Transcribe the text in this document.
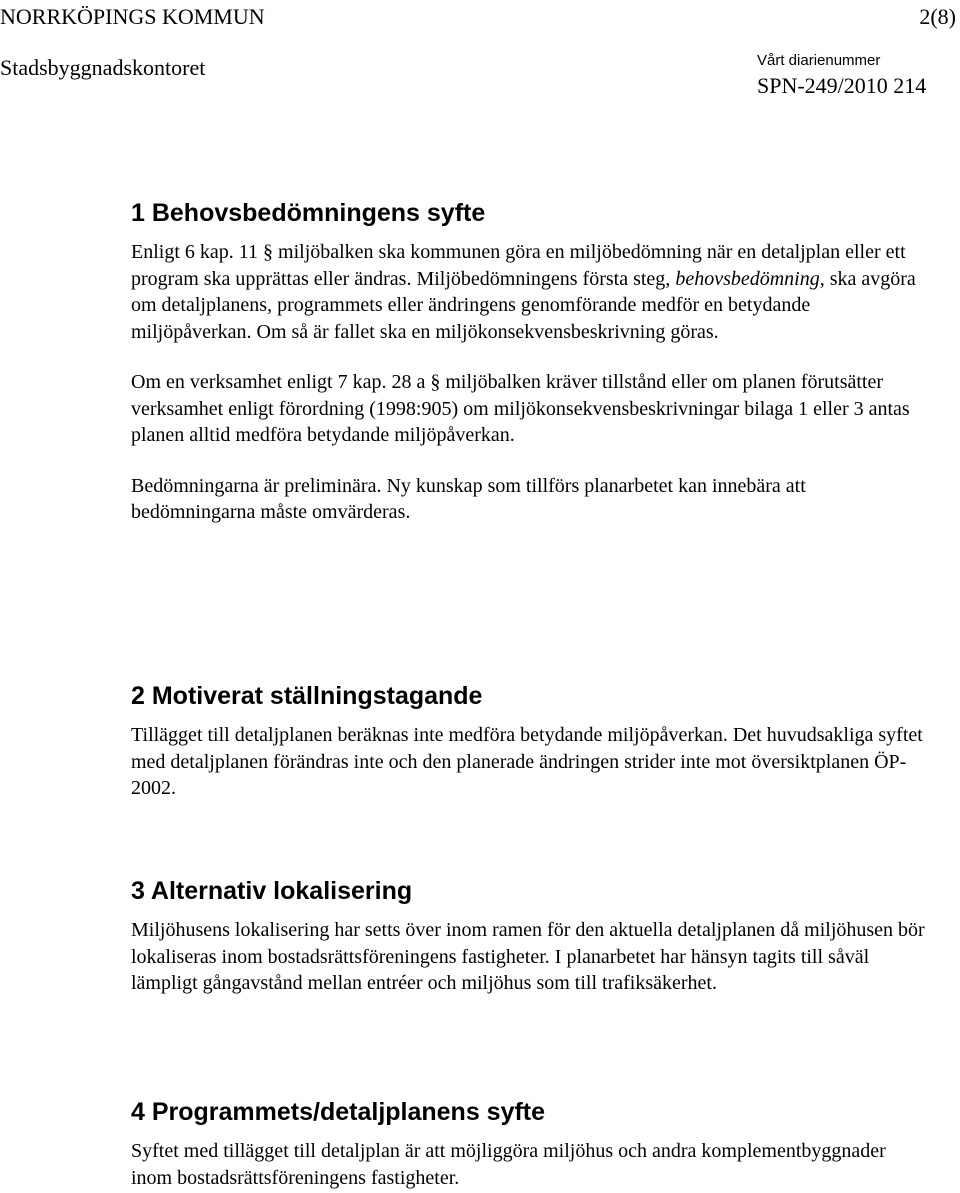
NORRKÖPINGS KOMMUN	2(8)
Stadsbyggnadskontoret	Vårt diarienummer
SPN-249/2010 214
1 Behovsbedömningens syfte

Enligt 6 kap. 11 § miljöbalken ska kommunen göra en miljöbedömning när en detaljplan eller ett program ska upprättas eller ändras. Miljöbedömningens första steg, behovsbedömning, ska avgöra om detaljplanens, programmets eller ändringens genomförande medför en betydande miljöpåverkan. Om så är fallet ska en miljökonsekvensbeskrivning göras.

Om en verksamhet enligt 7 kap. 28 a § miljöbalken kräver tillstånd eller om planen förutsätter verksamhet enligt förordning (1998:905) om miljökonsekvensbeskrivningar bilaga 1 eller 3 antas planen alltid medföra betydande miljöpåverkan.

Bedömningarna är preliminära. Ny kunskap som tillförs planarbetet kan innebära att bedömningarna måste omvärderas.

2 Motiverat ställningstagande

Tillägget till detaljplanen beräknas inte medföra betydande miljöpåverkan. Det huvudsakliga syftet med detaljplanen förändras inte och den planerade ändringen strider inte mot översiktplanen ÖP-2002.

3 Alternativ lokalisering

Miljöhusens lokalisering har setts över inom ramen för den aktuella detaljplanen då miljöhusen bör lokaliseras inom bostadsrättsföreningens fastigheter. I planarbetet har hänsyn tagits till såväl lämpligt gångavstånd mellan entréer och miljöhus som till trafiksäkerhet.

4 Programmets/detaljplanens syfte

Syftet med tillägget till detaljplan är att möjliggöra miljöhus och andra komplementbyggnader inom bostadsrättsföreningens fastigheter.
